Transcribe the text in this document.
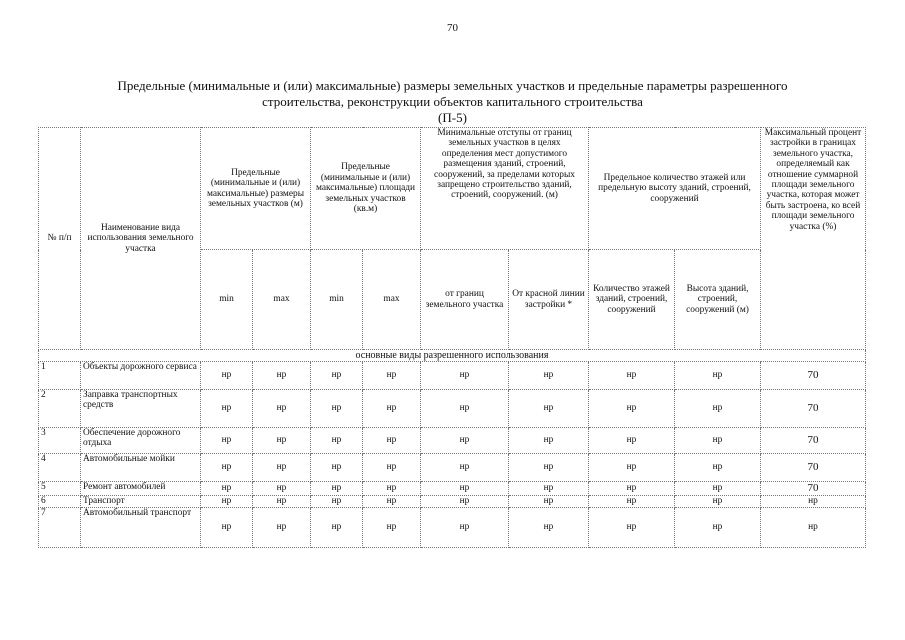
70
Предельные (минимальные и (или) максимальные) размеры земельных участков и предельные параметры разрешенного
строительства, реконструкции объектов капитального строительства
(П-5)
№ п/п	Наименование вида использования земельного участка	Предельные (минимальные и (или) максимальные) размеры земельных участков (м)		Предельные (минимальные и (или) максимальные) площади земельных участков (кв.м)		Минимальные отступы от границ земельных участков в целях определения мест допустимого размещения зданий, строений, сооружений, за пределами которых запрещено строительство зданий, строений, сооружений. (м)		Предельное количество этажей или предельную высоту зданий, строений, сооружений		Максимальный процент застройки в границах земельного участка, определяемый как отношение суммарной площади земельного участка, которая может быть застроена, ко всей площади земельного участка (%)
		min	max	min	max	от границ земельного участка	От красной линии застройки *	Количество этажей зданий, строений, сооружений	Высота зданий, строений, сооружений (м)	
основные виды разрешенного использования										
1	Объекты дорожного сервиса	нр	нр	нр	нр	нр	нр	нр	нр	70
2	Заправка транспортных средств	нр	нр	нр	нр	нр	нр	нр	нр	70
3	Обеспечение дорожного отдыха	нр	нр	нр	нр	нр	нр	нр	нр	70
4	Автомобильные мойки	нр	нр	нр	нр	нр	нр	нр	нр	70
5	Ремонт автомобилей	нр	нр	нр	нр	нр	нр	нр	нр	70
6	Транспорт	нр	нр	нр	нр	нр	нр	нр	нр	нр
7	Автомобильный транспорт	нр	нр	нр	нр	нр	нр	нр	нр	нр
